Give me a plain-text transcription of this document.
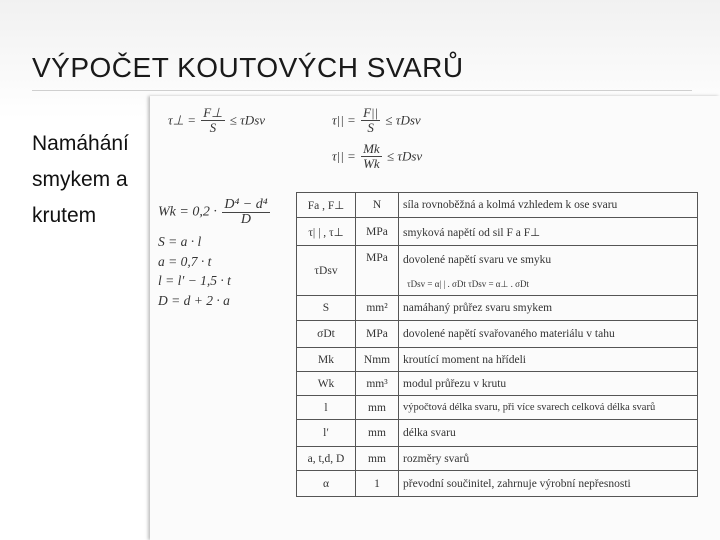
VÝPOČET KOUTOVÝCH SVARŮ
Namáhání
smykem a
krutem
τ⊥ = $\frac{F\perp}{S} \le \tau Dsv$	$\tau|| = \frac{F||}{S} \le \tau Dsv$
$\tau|| = \frac{Mk}{Wk} \le \tau Dsv$
$Wk = 0,2 \cdot \frac{\text{D⁴ − d⁴}}{D}$
S = a · l
a = 0,7 · t
l = l′ − 1,5 · t
D = d + 2 · a
Fa , F⊥	N	síla rovnoběžná a kolmá vzhledem k ose svaru
τ| | , τ⊥	MPa	smyková napětí od sil F a F⊥
τDsv	MPa	dovolené napětí svaru ve smyku
		τDsv = α| | . σDt τDsv = α⊥ . σDt
S	mm²	namáhaný průřez svaru smykem
σDt	MPa	dovolené napětí svařovaného materiálu v tahu
Mk	Nmm	kroutící moment na hřídeli
Wk	mm³	modul průřezu v krutu
l	mm	výpočtová délka svaru, při více svarech celková délka svarů
l′	mm	délka svaru
a, t,d, D	mm	rozměry svarů
α	1	převodní součinitel, zahrnuje výrobní nepřesnosti
